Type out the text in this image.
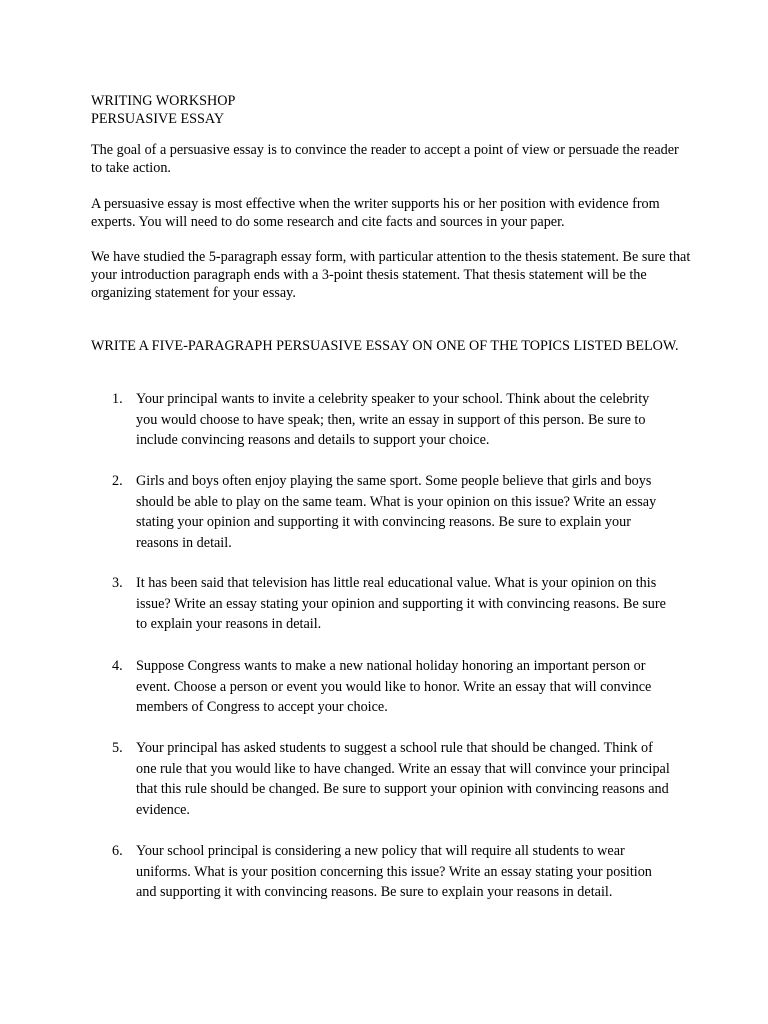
WRITING WORKSHOP
PERSUASIVE ESSAY

The goal of a persuasive essay is to convince the reader to accept a point of view or persuade the reader to take action.

A persuasive essay is most effective when the writer supports his or her position with evidence from experts. You will need to do some research and cite facts and sources in your paper.

We have studied the 5-paragraph essay form, with particular attention to the thesis statement. Be sure that your introduction paragraph ends with a 3-point thesis statement. That thesis statement will be the organizing statement for your essay.

WRITE A FIVE-PARAGRAPH PERSUASIVE ESSAY ON ONE OF THE TOPICS LISTED BELOW.

1. Your principal wants to invite a celebrity speaker to your school. Think about the celebrity you would choose to have speak; then, write an essay in support of this person. Be sure to include convincing reasons and details to support your choice.
2. Girls and boys often enjoy playing the same sport. Some people believe that girls and boys should be able to play on the same team. What is your opinion on this issue? Write an essay stating your opinion and supporting it with convincing reasons. Be sure to explain your reasons in detail.
3. It has been said that television has little real educational value. What is your opinion on this issue? Write an essay stating your opinion and supporting it with convincing reasons. Be sure to explain your reasons in detail.
4. Suppose Congress wants to make a new national holiday honoring an important person or event. Choose a person or event you would like to honor. Write an essay that will convince members of Congress to accept your choice.
5. Your principal has asked students to suggest a school rule that should be changed. Think of one rule that you would like to have changed. Write an essay that will convince your principal that this rule should be changed. Be sure to support your opinion with convincing reasons and evidence.
6. Your school principal is considering a new policy that will require all students to wear uniforms. What is your position concerning this issue? Write an essay stating your position and supporting it with convincing reasons. Be sure to explain your reasons in detail.
